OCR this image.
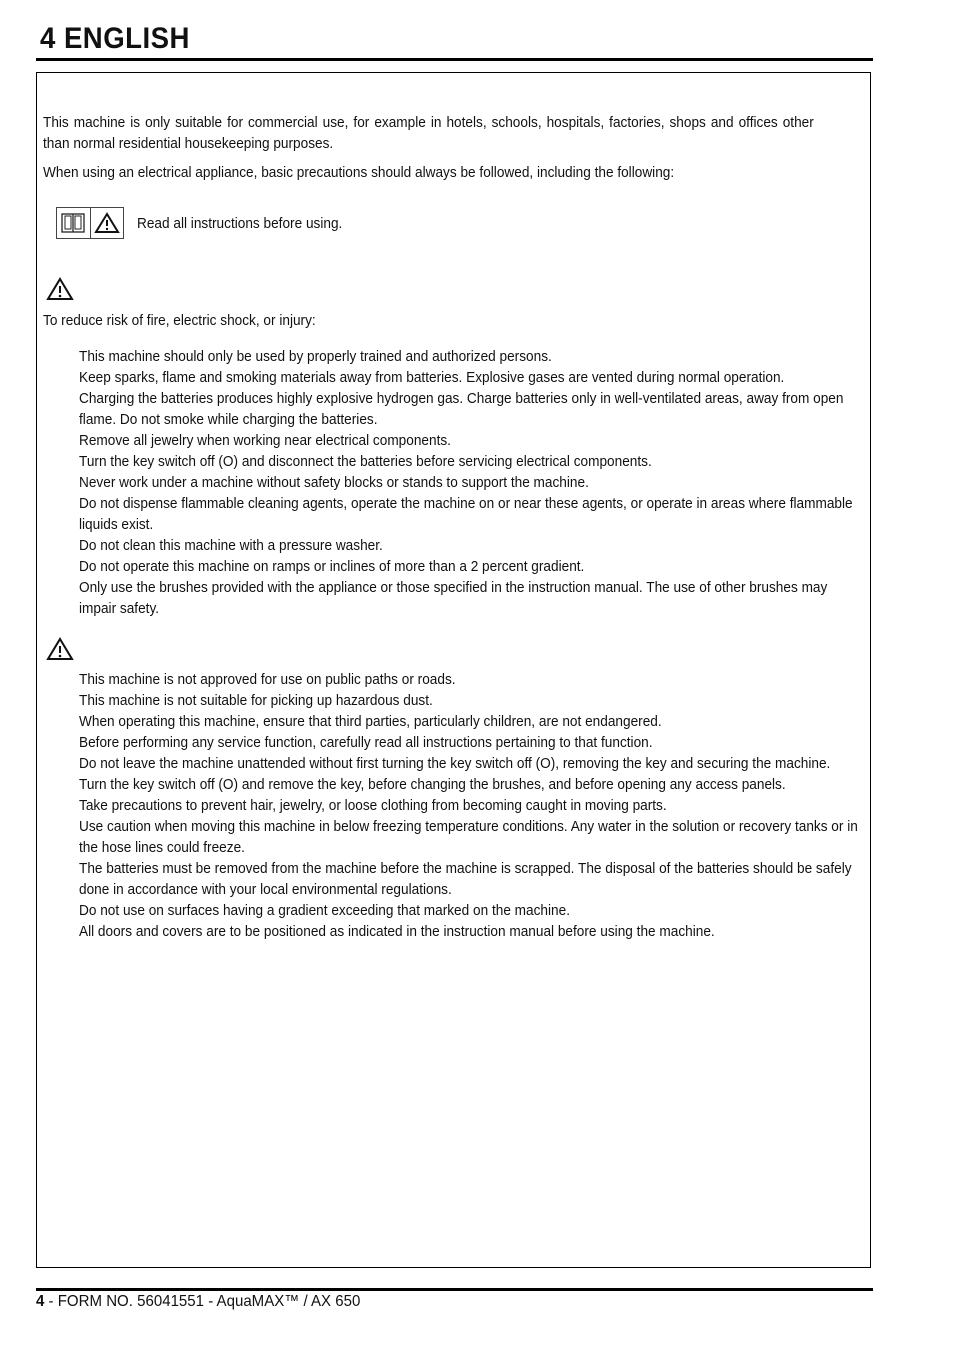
4 ENGLISH
This machine is only suitable for commercial use, for example in hotels, schools, hospitals, factories, shops and offices other than normal residential housekeeping purposes.
When using an electrical appliance, basic precautions should always be followed, including the following:
Read all instructions before using.
To reduce risk of fire, electric shock, or injury:
This machine should only be used by properly trained and authorized persons.
Keep sparks, flame and smoking materials away from batteries. Explosive gases are vented during normal operation.
Charging the batteries produces highly explosive hydrogen gas. Charge batteries only in well-ventilated areas, away from open flame. Do not smoke while charging the batteries.
Remove all jewelry when working near electrical components.
Turn the key switch off (O) and disconnect the batteries before servicing electrical components.
Never work under a machine without safety blocks or stands to support the machine.
Do not dispense flammable cleaning agents, operate the machine on or near these agents, or operate in areas where flammable liquids exist.
Do not clean this machine with a pressure washer.
Do not operate this machine on ramps or inclines of more than a 2 percent gradient.
Only use the brushes provided with the appliance or those specified in the instruction manual. The use of other brushes may impair safety.
This machine is not approved for use on public paths or roads.
This machine is not suitable for picking up hazardous dust.
When operating this machine, ensure that third parties, particularly children, are not endangered.
Before performing any service function, carefully read all instructions pertaining to that function.
Do not leave the machine unattended without first turning the key switch off (O), removing the key and securing the machine.
Turn the key switch off (O) and remove the key, before changing the brushes, and before opening any access panels.
Take precautions to prevent hair, jewelry, or loose clothing from becoming caught in moving parts.
Use caution when moving this machine in below freezing temperature conditions. Any water in the solution or recovery tanks or in the hose lines could freeze.
The batteries must be removed from the machine before the machine is scrapped. The disposal of the batteries should be safely done in accordance with your local environmental regulations.
Do not use on surfaces having a gradient exceeding that marked on the machine.
All doors and covers are to be positioned as indicated in the instruction manual before using the machine.
4 - FORM NO. 56041551 - AquaMAX™ / AX 650
